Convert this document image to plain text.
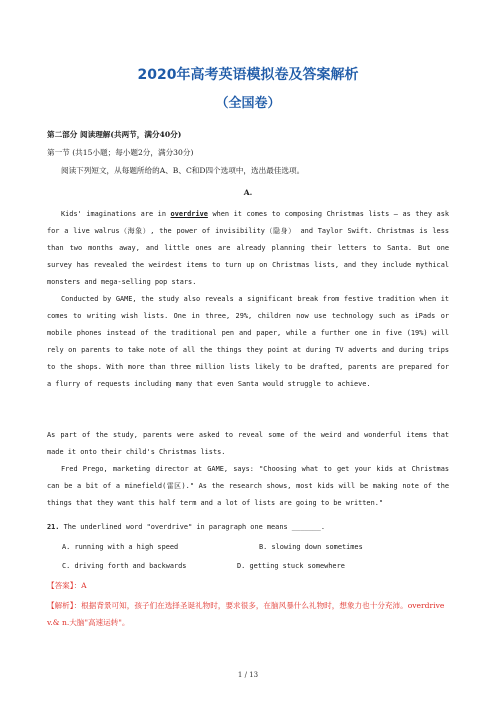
2020年高考英语模拟卷及答案解析
（全国卷）
第二部分 阅读理解(共两节，满分40分)
第一节 (共15小题；每小题2分，满分30分)
阅读下列短文，从每题所给的A、B、C和D四个选项中，选出最佳选项。
A.
Kids' imaginations are in overdrive when it comes to composing Christmas lists – as they ask for a live walrus（海象）, the power of invisibility（隐身） and Taylor Swift. Christmas is less than two months away, and little ones are already planning their letters to Santa. But one survey has revealed the weirdest items to turn up on Christmas lists, and they include mythical monsters and mega-selling pop stars.
Conducted by GAME, the study also reveals a significant break from festive tradition when it comes to writing wish lists. One in three, 29%, children now use technology such as iPads or mobile phones instead of the traditional pen and paper, while a further one in five (19%) will rely on parents to take note of all the things they point at during TV adverts and during trips to the shops. With more than three million lists likely to be drafted, parents are prepared for a flurry of requests including many that even Santa would struggle to achieve.
As part of the study, parents were asked to reveal some of the weird and wonderful items that made it onto their child's Christmas lists.
Fred Prego, marketing director at GAME, says: "Choosing what to get your kids at Christmas can be a bit of a minefield(雷区)." As the research shows, most kids will be making note of the things that they want this half term and a lot of lists are going to be written."
21. The underlined word "overdrive" in paragraph one means _______.
A. running with a high speed	B. slowing down sometimes
C. driving forth and backwards	D. getting stuck somewhere
【答案】：A
【解析】：根据背景可知，孩子们在选择圣诞礼物时，要求很多，在脑风暴什么礼物时，想象力也十分充沛。overdrive v.& n.大脑"高速运转"。
1 / 13
